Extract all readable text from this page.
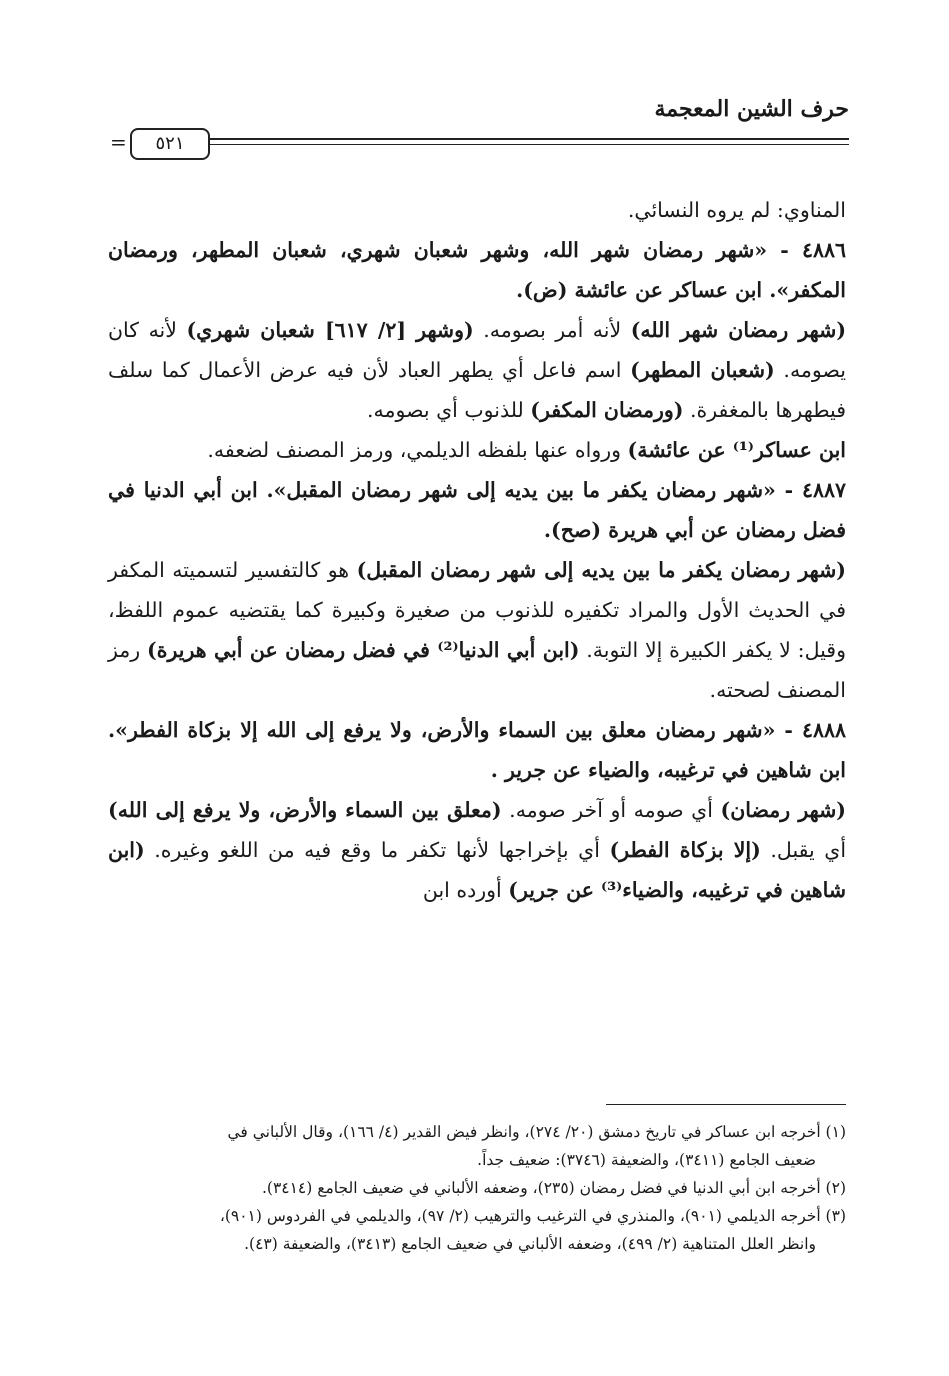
حرف الشين المعجمة
٥٢١
=

المناوي: لم يروه النسائي.

٤٨٨٦ - «شهر رمضان شهر الله، وشهر شعبان شهري، شعبان المطهر، ورمضان المكفر». ابن عساكر عن عائشة (ض).

(شهر رمضان شهر الله) لأنه أمر بصومه. (وشهر [٢/ ٦١٧] شعبان شهري) لأنه كان يصومه. (شعبان المطهر) اسم فاعل أي يطهر العباد لأن فيه عرض الأعمال كما سلف فيطهرها بالمغفرة. (ورمضان المكفر) للذنوب أي بصومه.

ابن عساكر⁽¹⁾ عن عائشة) ورواه عنها بلفظه الديلمي، ورمز المصنف لضعفه.

٤٨٨٧ - «شهر رمضان يكفر ما بين يديه إلى شهر رمضان المقبل». ابن أبي الدنيا في فضل رمضان عن أبي هريرة (صح).

(شهر رمضان يكفر ما بين يديه إلى شهر رمضان المقبل) هو كالتفسير لتسميته المكفر في الحديث الأول والمراد تكفيره للذنوب من صغيرة وكبيرة كما يقتضيه عموم اللفظ، وقيل: لا يكفر الكبيرة إلا التوبة. (ابن أبي الدنيا⁽²⁾ في فضل رمضان عن أبي هريرة) رمز المصنف لصحته.

٤٨٨٨ - «شهر رمضان معلق بين السماء والأرض، ولا يرفع إلى الله إلا بزكاة الفطر». ابن شاهين في ترغيبه، والضياء عن جرير .

(شهر رمضان) أي صومه أو آخر صومه. (معلق بين السماء والأرض، ولا يرفع إلى الله) أي يقبل. (إلا بزكاة الفطر) أي بإخراجها لأنها تكفر ما وقع فيه من اللغو وغيره. (ابن شاهين في ترغيبه، والضياء⁽³⁾ عن جرير) أورده ابن

(١) أخرجه ابن عساكر في تاريخ دمشق (٢٠/ ٢٧٤)، وانظر فيض القدير (٤/ ١٦٦)، وقال الألباني في

ضعيف الجامع (٣٤١١)، والضعيفة (٣٧٤٦): ضعيف جداً.

(٢) أخرجه ابن أبي الدنيا في فضل رمضان (٢٣٥)، وضعفه الألباني في ضعيف الجامع (٣٤١٤).

(٣) أخرجه الديلمي (٩٠١)، والمنذري في الترغيب والترهيب (٢/ ٩٧)، والديلمي في الفردوس (٩٠١)،

وانظر العلل المتناهية (٢/ ٤٩٩)، وضعفه الألباني في ضعيف الجامع (٣٤١٣)، والضعيفة (٤٣).
